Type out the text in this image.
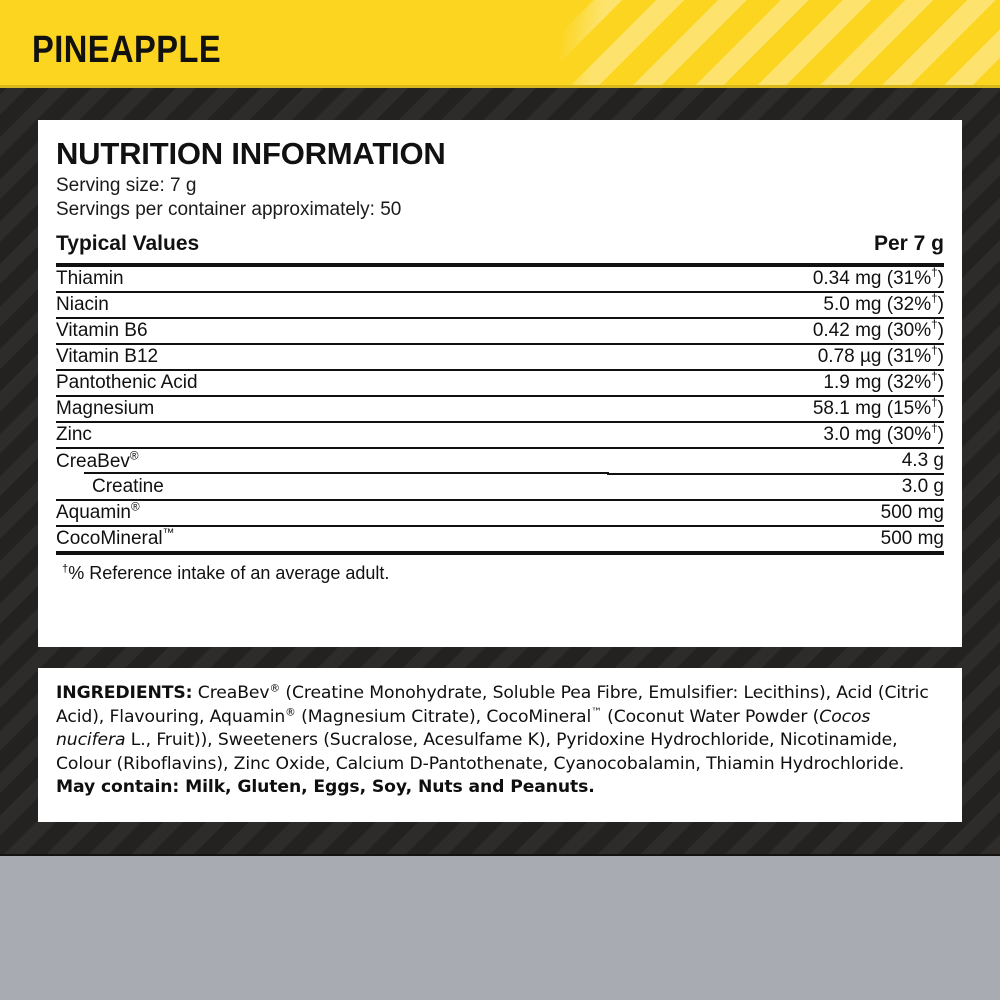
PINEAPPLE
NUTRITION INFORMATION
Serving size: 7 g
Servings per container approximately: 50
Typical Values	Per 7 g
Thiamin	0.34 mg (31%†)
Niacin	5.0 mg (32%†)
Vitamin B6	0.42 mg (30%†)
Vitamin B12	0.78 µg (31%†)
Pantothenic Acid	1.9 mg (32%†)
Magnesium	58.1 mg (15%†)
Zinc	3.0 mg (30%†)
CreaBev®	4.3 g
Creatine	3.0 g
Aquamin®	500 mg
CocoMineral™	500 mg
†% Reference intake of an average adult.
INGREDIENTS: CreaBev® (Creatine Monohydrate, Soluble Pea Fibre, Emulsifier: Lecithins), Acid (Citric Acid), Flavouring, Aquamin® (Magnesium Citrate), CocoMineral™ (Coconut Water Powder (Cocos nucifera L., Fruit)), Sweeteners (Sucralose, Acesulfame K), Pyridoxine Hydrochloride, Nicotinamide, Colour (Riboflavins), Zinc Oxide, Calcium D-Pantothenate, Cyanocobalamin, Thiamin Hydrochloride. May contain: Milk, Gluten, Eggs, Soy, Nuts and Peanuts.
